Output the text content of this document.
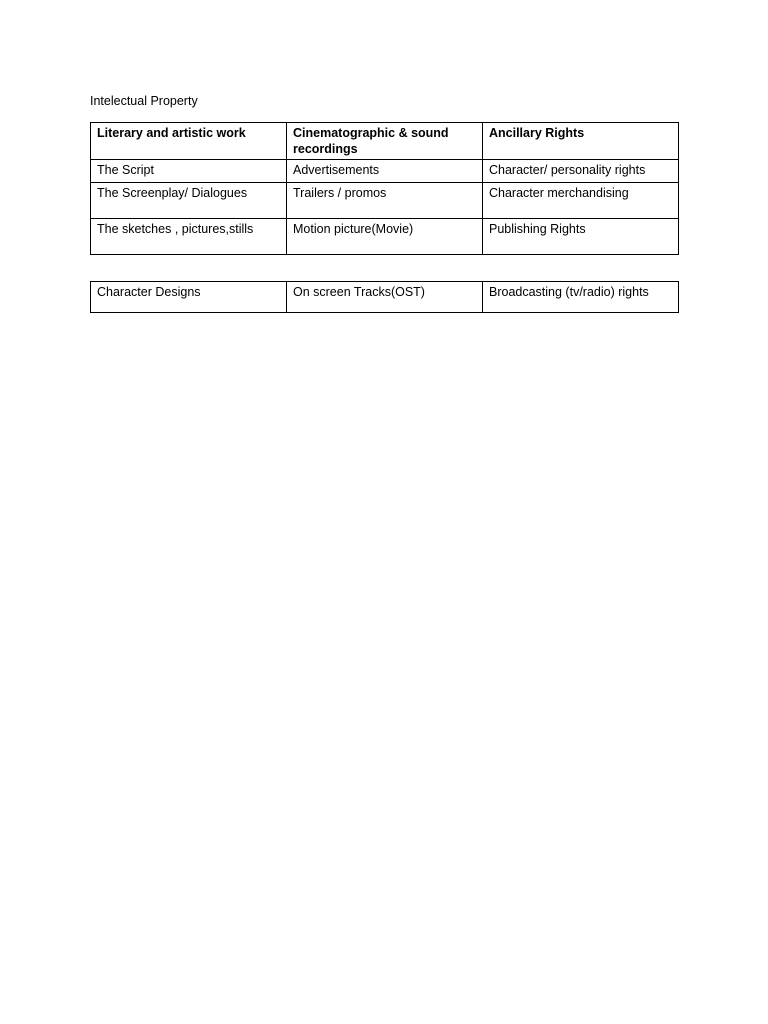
Intelectual Property
Literary and artistic work	Cinematographic & sound recordings	Ancillary Rights
The Script	Advertisements	Character/ personality rights
The Screenplay/ Dialogues	Trailers / promos	Character merchandising
The sketches , pictures,stills	Motion picture(Movie)	Publishing Rights
Character Designs	On screen Tracks(OST)	Broadcasting (tv/radio) rights
